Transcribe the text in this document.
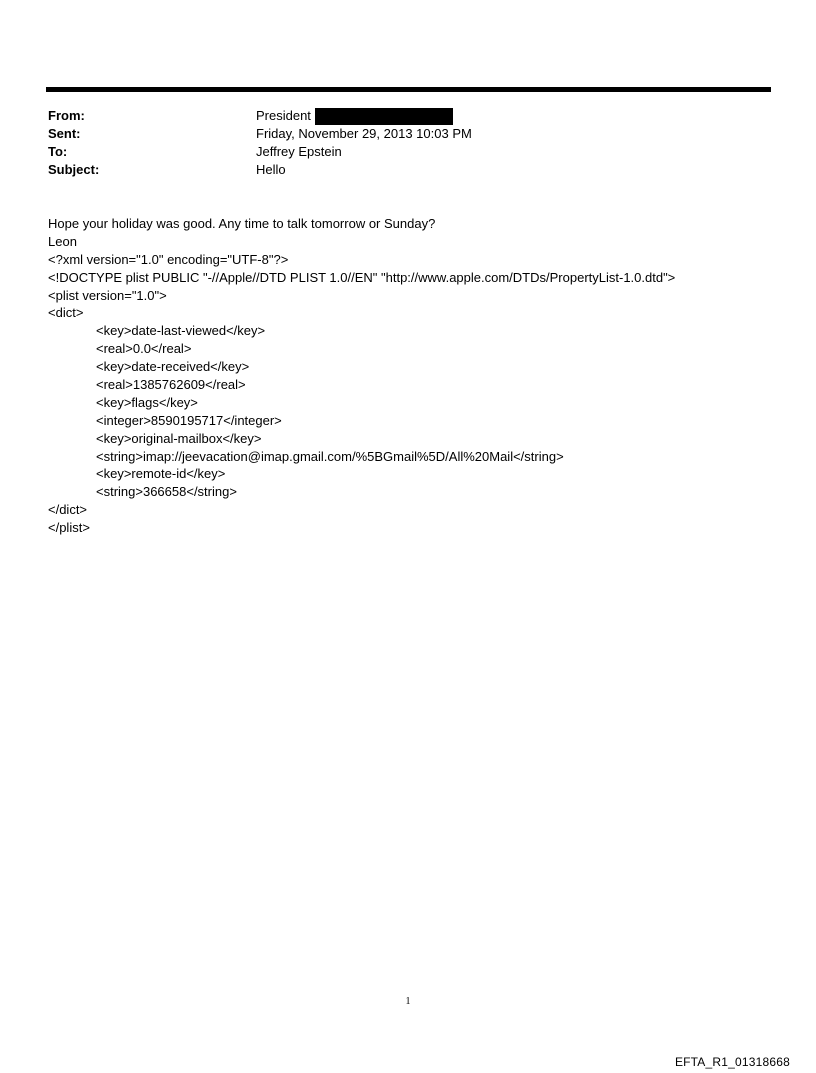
From:	President
Sent:	Friday, November 29, 2013 10:03 PM
To:	Jeffrey Epstein
Subject:	Hello
Hope your holiday was good. Any time to talk tomorrow or Sunday?
Leon
<?xml version="1.0" encoding="UTF-8"?>
<!DOCTYPE plist PUBLIC "-//Apple//DTD PLIST 1.0//EN" "http://www.apple.com/DTDs/PropertyList-1.0.dtd">
<plist version="1.0">
<dict>
<key>date-last-viewed</key>
<real>0.0</real>
<key>date-received</key>
<real>1385762609</real>
<key>flags</key>
<integer>8590195717</integer>
<key>original-mailbox</key>
<string>imap://jeevacation@imap.gmail.com/%5BGmail%5D/All%20Mail</string>
<key>remote-id</key>
<string>366658</string>
</dict>
</plist>
1
EFTA_R1_01318668
